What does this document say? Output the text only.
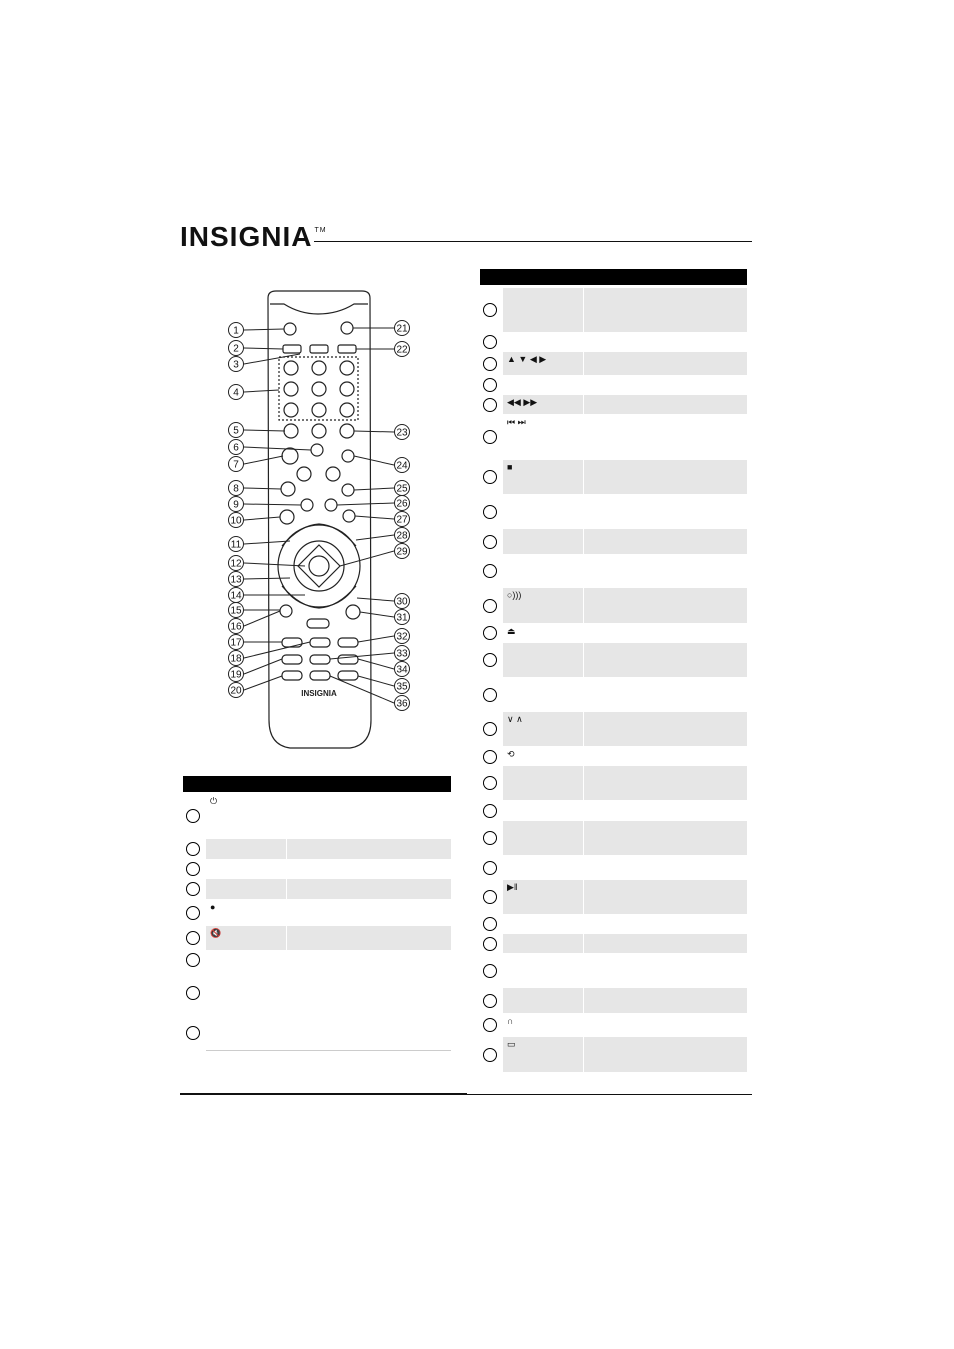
INSIGNIA ™
INSIGNIA
1
2
3
4
5
6
7
8
9
10
11
12
13
14
15
16
17
18
19
20
21
22
23
24
25
26
27
28
29
30
31
32
33
34
35
36
⏻
●
🔇
▲ ▼ ◀ ▶
◀◀ ▶▶
⏮ ⏭
■
○)))
⏏
∨ ∧
⟲
▶‖
∩
▭
